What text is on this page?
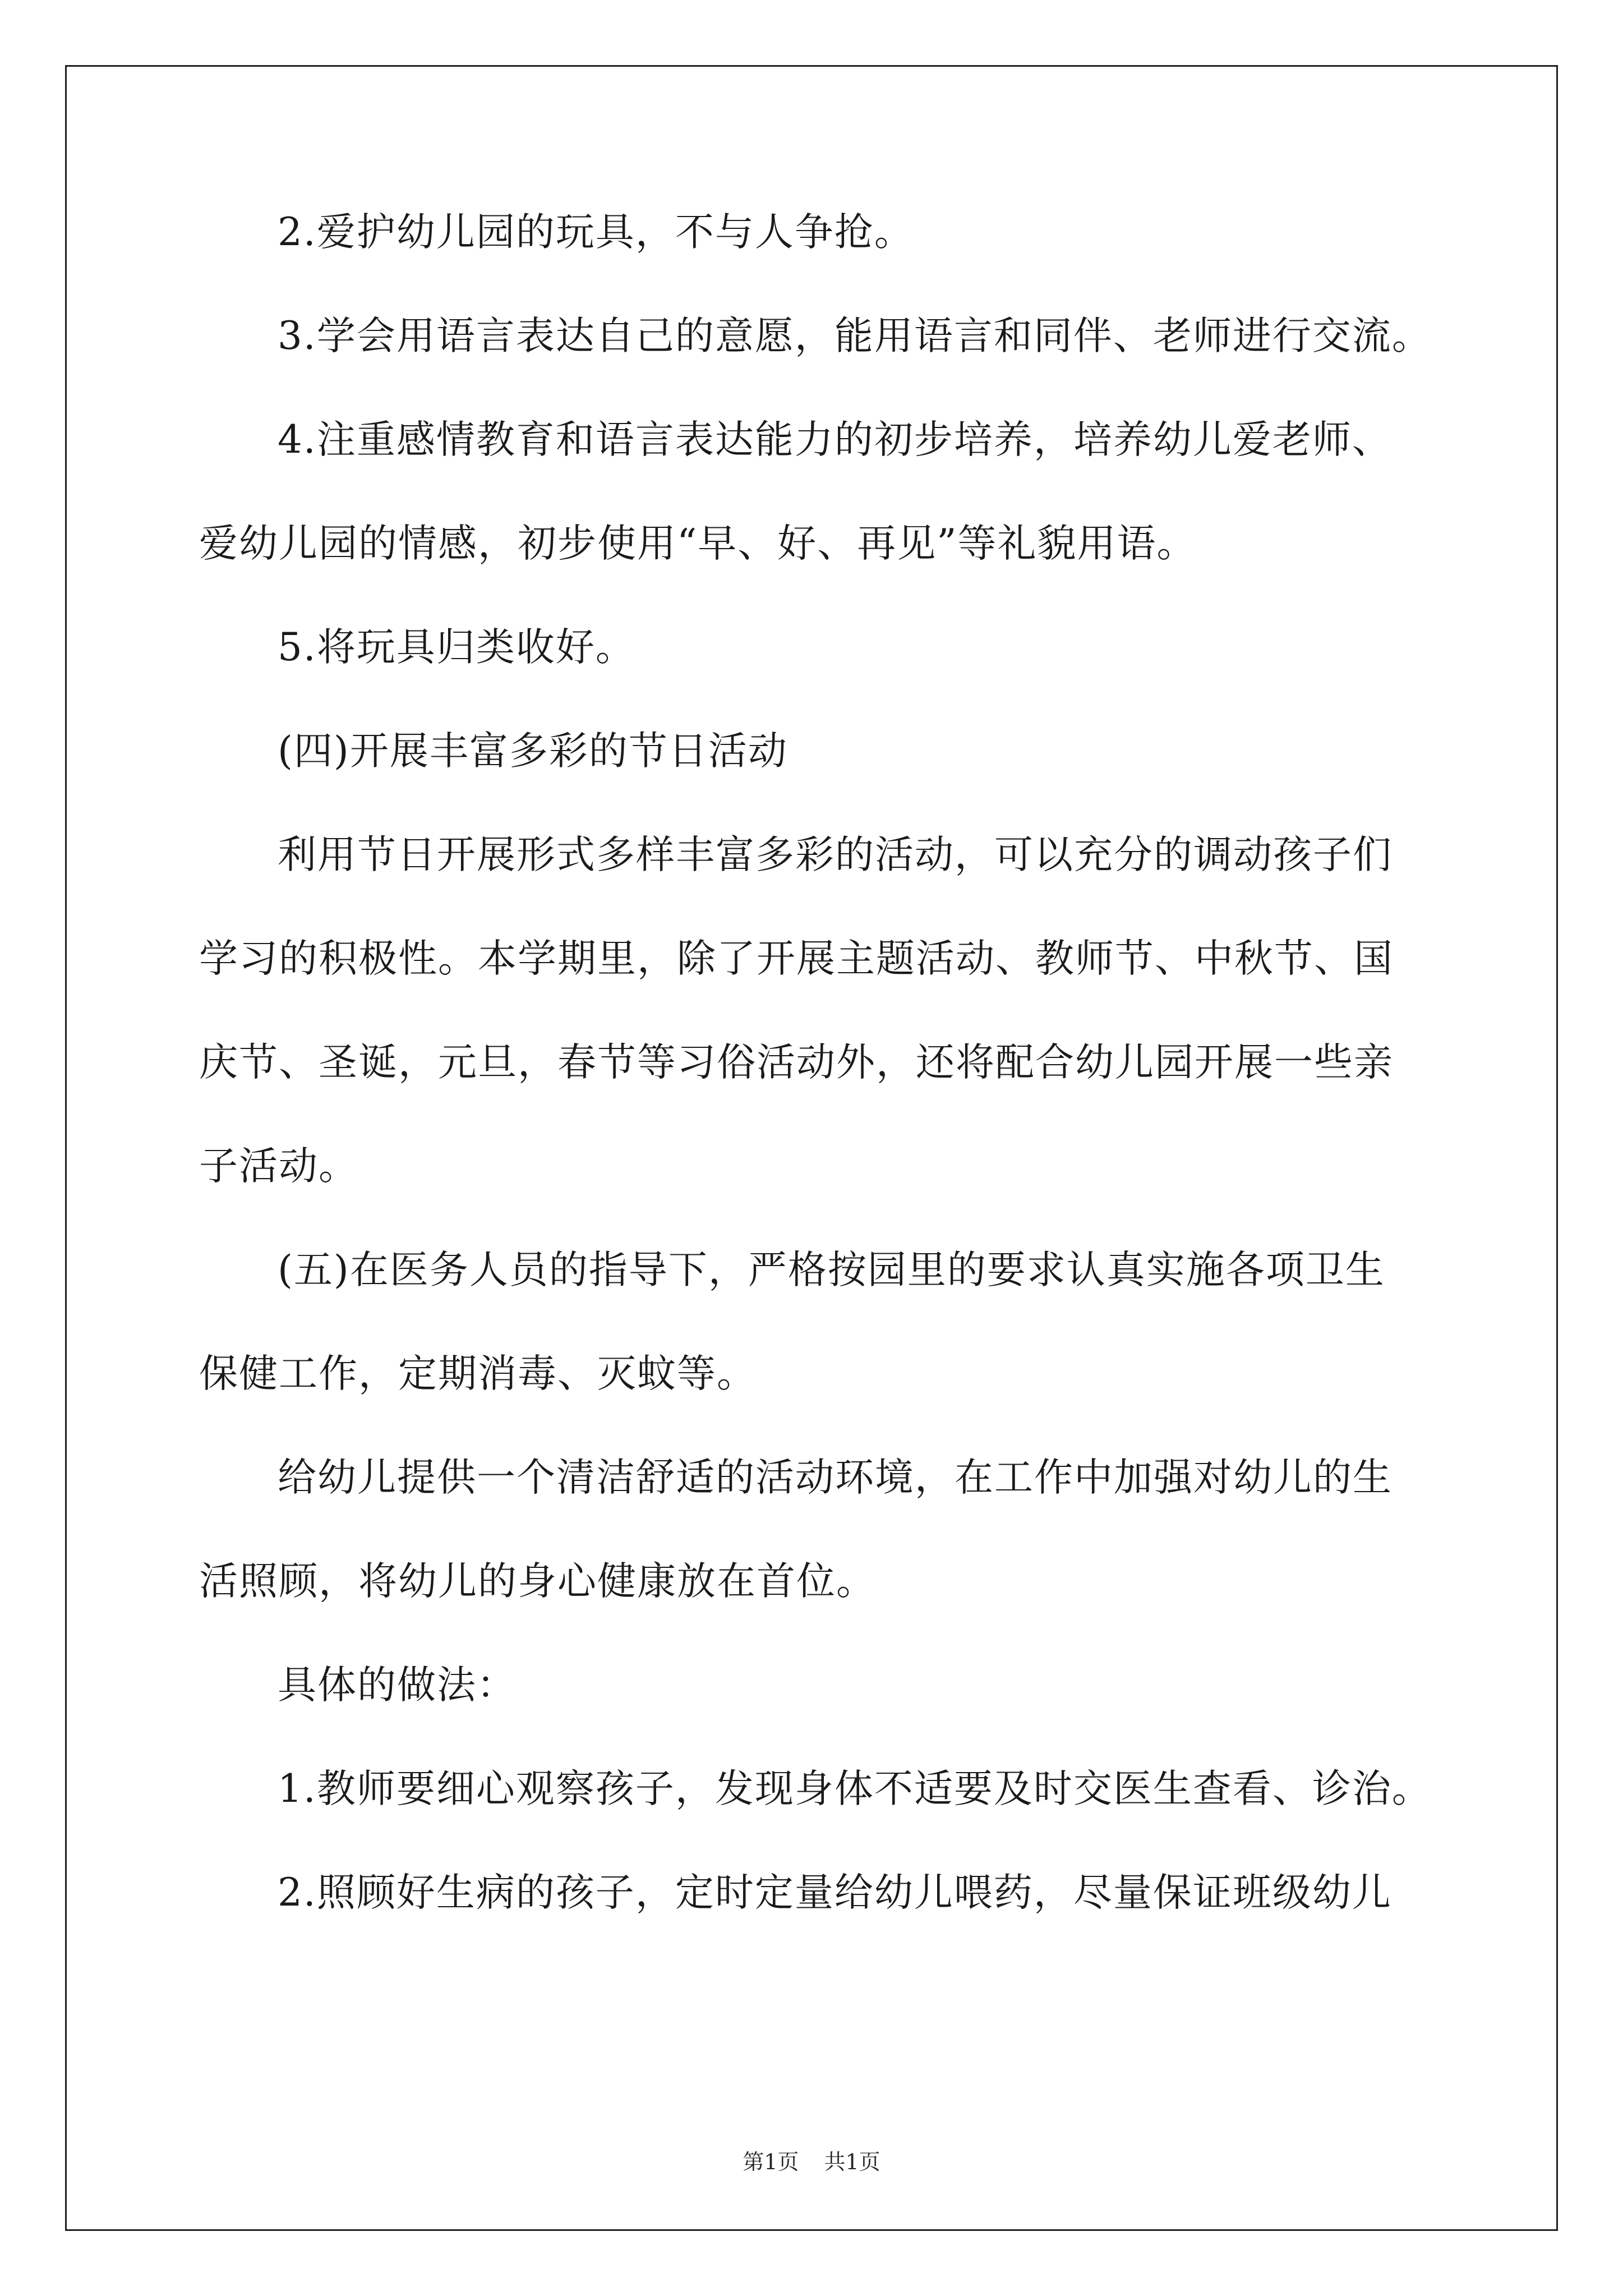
2.爱护幼儿园的玩具，不与人争抢。
3.学会用语言表达自己的意愿，能用语言和同伴、老师进行交流。
4.注重感情教育和语言表达能力的初步培养，培养幼儿爱老师、
爱幼儿园的情感，初步使用“早、好、再见”等礼貌用语。
5.将玩具归类收好。
(四)开展丰富多彩的节日活动
利用节日开展形式多样丰富多彩的活动，可以充分的调动孩子们
学习的积极性。本学期里，除了开展主题活动、教师节、中秋节、国
庆节、圣诞，元旦，春节等习俗活动外，还将配合幼儿园开展一些亲
子活动。
(五)在医务人员的指导下，严格按园里的要求认真实施各项卫生
保健工作，定期消毒、灭蚊等。
给幼儿提供一个清洁舒适的活动环境，在工作中加强对幼儿的生
活照顾，将幼儿的身心健康放在首位。
具体的做法：
1.教师要细心观察孩子，发现身体不适要及时交医生查看、诊治。
2.照顾好生病的孩子，定时定量给幼儿喂药，尽量保证班级幼儿
第1页 共1页
